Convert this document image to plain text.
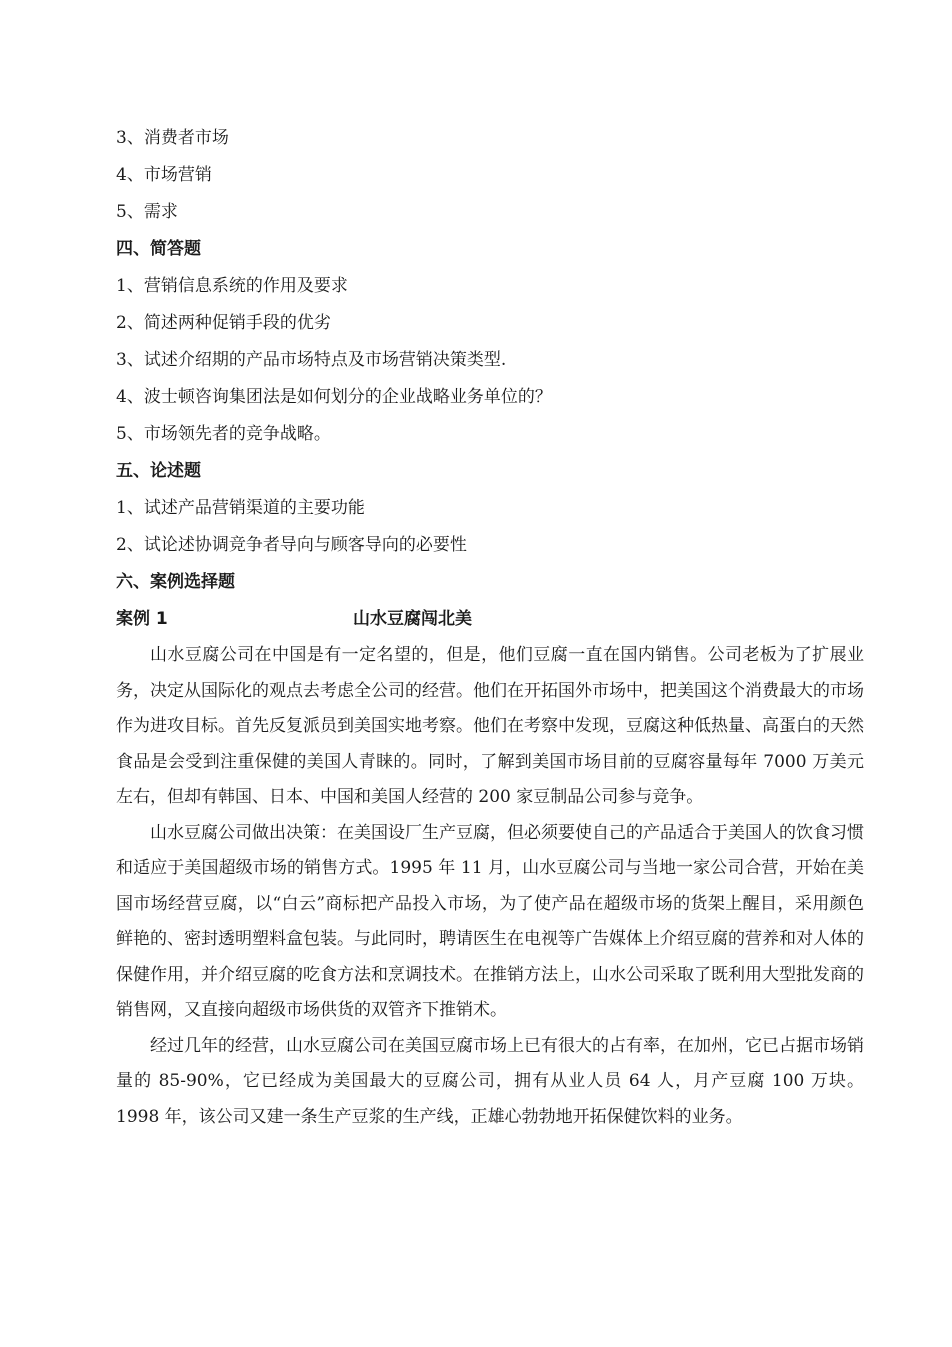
3、消费者市场
4、市场营销
5、需求
四、简答题
1、营销信息系统的作用及要求
2、简述两种促销手段的优劣
3、试述介绍期的产品市场特点及市场营销决策类型.
4、波士顿咨询集团法是如何划分的企业战略业务单位的？
5、市场领先者的竞争战略。
五、论述题
1、试述产品营销渠道的主要功能
2、试论述协调竞争者导向与顾客导向的必要性
六、案例选择题
案例 1	山水豆腐闯北美

山水豆腐公司在中国是有一定名望的，但是，他们豆腐一直在国内销售。公司老板为了扩展业务，决定从国际化的观点去考虑全公司的经营。他们在开拓国外市场中，把美国这个消费最大的市场作为进攻目标。首先反复派员到美国实地考察。他们在考察中发现，豆腐这种低热量、高蛋白的天然食品是会受到注重保健的美国人青睐的。同时，了解到美国市场目前的豆腐容量每年 7000 万美元左右，但却有韩国、日本、中国和美国人经营的 200 家豆制品公司参与竞争。

山水豆腐公司做出决策：在美国设厂生产豆腐，但必须要使自己的产品适合于美国人的饮食习惯和适应于美国超级市场的销售方式。1995 年 11 月，山水豆腐公司与当地一家公司合营，开始在美国市场经营豆腐，以“白云”商标把产品投入市场，为了使产品在超级市场的货架上醒目，采用颜色鲜艳的、密封透明塑料盒包装。与此同时，聘请医生在电视等广告媒体上介绍豆腐的营养和对人体的保健作用，并介绍豆腐的吃食方法和烹调技术。在推销方法上，山水公司采取了既利用大型批发商的销售网，又直接向超级市场供货的双管齐下推销术。

经过几年的经营，山水豆腐公司在美国豆腐市场上已有很大的占有率，在加州，它已占据市场销量的 85-90%，它已经成为美国最大的豆腐公司，拥有从业人员 64 人，月产豆腐 100 万块。1998 年，该公司又建一条生产豆浆的生产线，正雄心勃勃地开拓保健饮料的业务。
